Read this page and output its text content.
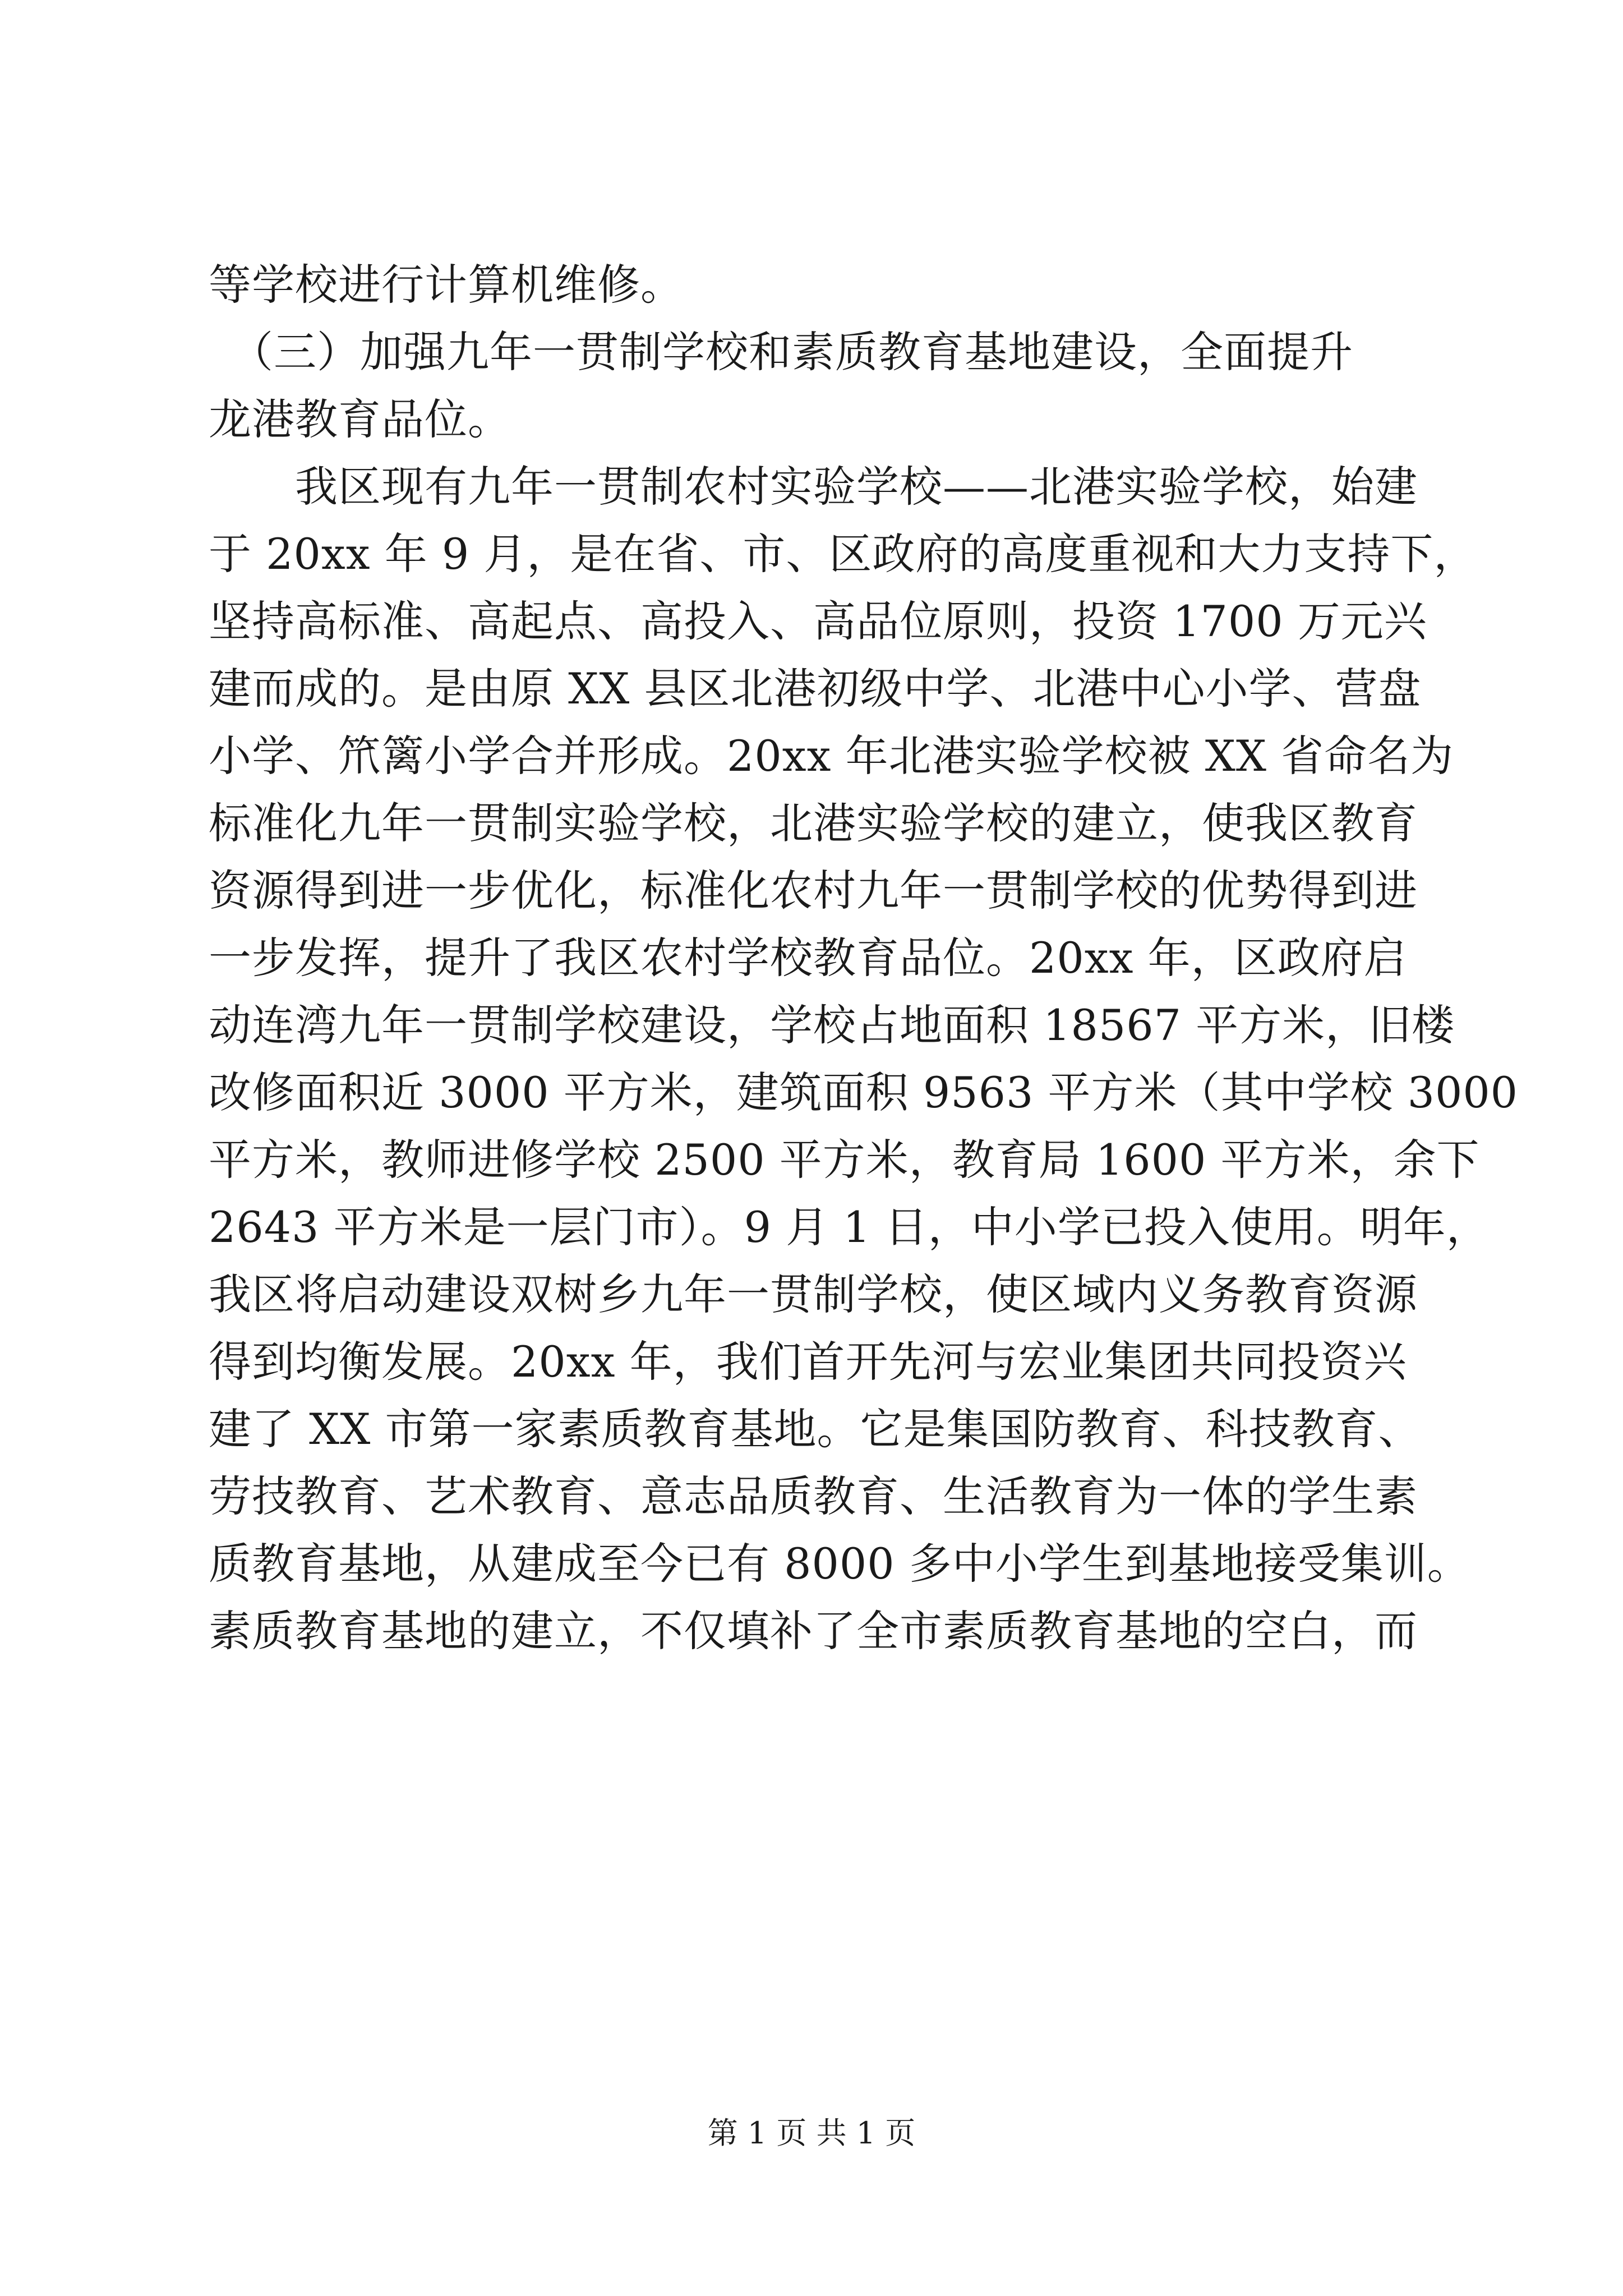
等学校进行计算机维修。
　（三）加强九年一贯制学校和素质教育基地建设，全面提升
龙港教育品位。
　　我区现有九年一贯制农村实验学校——北港实验学校，始建
于 20xx 年 9 月，是在省、市、区政府的高度重视和大力支持下，
坚持高标准、高起点、高投入、高品位原则，投资 1700 万元兴
建而成的。是由原 XX 县区北港初级中学、北港中心小学、营盘
小学、笊篱小学合并形成。20xx 年北港实验学校被 XX 省命名为
标准化九年一贯制实验学校，北港实验学校的建立，使我区教育
资源得到进一步优化，标准化农村九年一贯制学校的优势得到进
一步发挥，提升了我区农村学校教育品位。20xx 年，区政府启
动连湾九年一贯制学校建设，学校占地面积 18567 平方米，旧楼
改修面积近 3000 平方米，建筑面积 9563 平方米（其中学校 3000
平方米，教师进修学校 2500 平方米，教育局 1600 平方米，余下
2643 平方米是一层门市）。9 月 1 日，中小学已投入使用。明年，
我区将启动建设双树乡九年一贯制学校，使区域内义务教育资源
得到均衡发展。20xx 年，我们首开先河与宏业集团共同投资兴
建了 XX 市第一家素质教育基地。它是集国防教育、科技教育、
劳技教育、艺术教育、意志品质教育、生活教育为一体的学生素
质教育基地，从建成至今已有 8000 多中小学生到基地接受集训。
素质教育基地的建立，不仅填补了全市素质教育基地的空白，而
第 1 页 共 1 页
